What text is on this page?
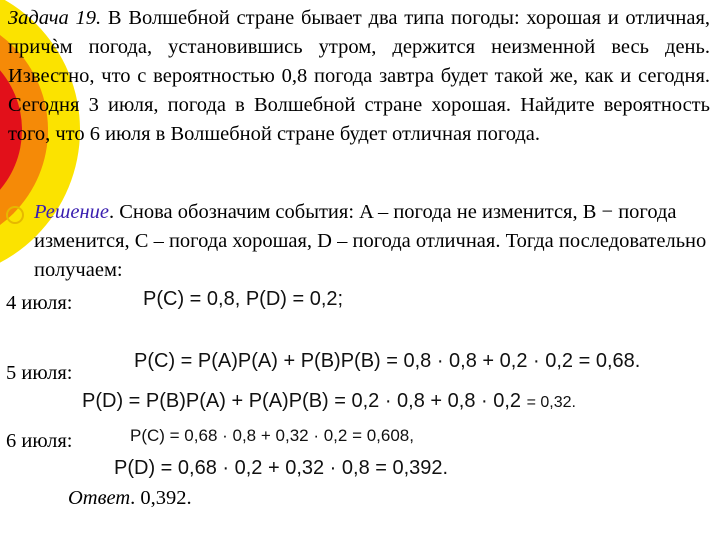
Задача 19. В Волшебной стране бывает два типа погоды: хорошая и отличная, причѐм погода, установившись утром, держится неизменной весь день. Известно, что с вероятностью 0,8 погода завтра будет такой же, как и сегодня. Сегодня 3 июля, погода в Волшебной стране хорошая. Найдите вероятность того, что 6 июля в Волшебной стране будет отличная погода.

Решение. Снова обозначим события: A – погода не изменится, B − погода изменится, C – погода хорошая, D – погода отличная. Тогда последовательно получаем:

4 июля:	P(C) = 0,8, P(D) = 0,2;
5 июля:
P(C) = P(A)P(A) + P(B)P(B) = 0,8 · 0,8 + 0,2 · 0,2 = 0,68.
P(D) = P(B)P(A) + P(A)P(B) = 0,2 · 0,8 + 0,8 · 0,2 = 0,32.
6 июля:	P(C) = 0,68 · 0,8 + 0,32 · 0,2 = 0,608,
P(D) = 0,68 · 0,2 + 0,32 · 0,8 = 0,392.
Ответ. 0,392.
